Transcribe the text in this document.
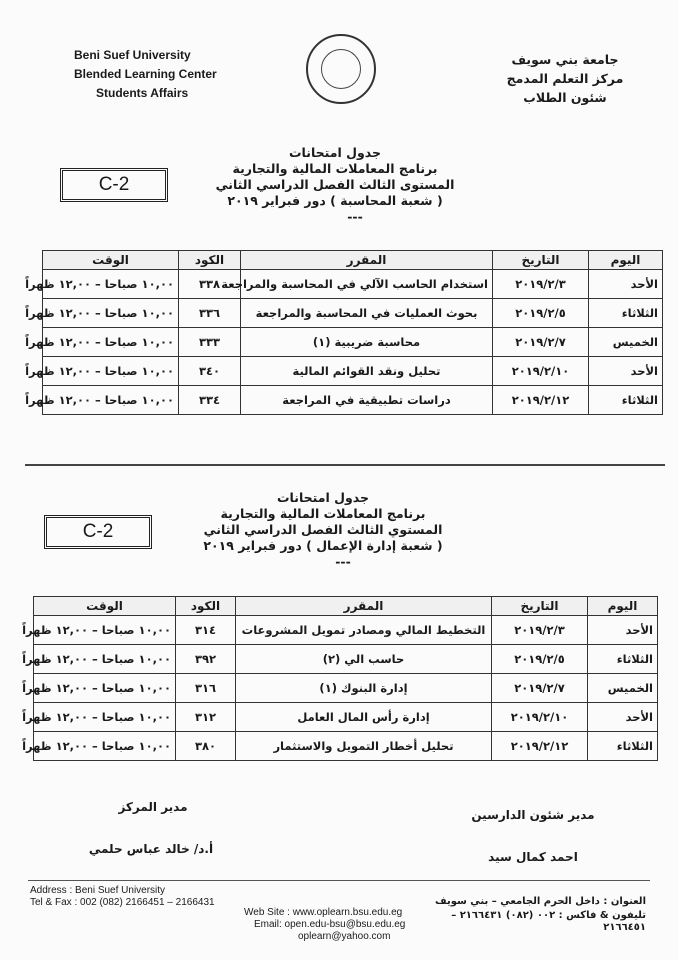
Beni Suef University
Blended Learning Center
Students Affairs
جامعة بني سويف
مركز التعلم المدمج
شئون الطلاب
جدول امتحانات
برنامج المعاملات المالية والتجارية
المستوى الثالث الفصل الدراسي الثاني
( شعبة المحاسبة ) دور فبراير ٢٠١٩
---
C-2
اليوم	التاريخ	المقرر	الكود	الوقت
الأحد	٢٠١٩/٢/٣	استخدام الحاسب الآلي في المحاسبة والمراجعة	٣٣٨	١٠,٠٠ صباحا – ١٢,٠٠ ظهراً
الثلاثاء	٢٠١٩/٢/٥	بحوث العمليات في المحاسبة والمراجعة	٣٣٦	١٠,٠٠ صباحا – ١٢,٠٠ ظهراً
الخميس	٢٠١٩/٢/٧	محاسبة ضريبية (١)	٣٣٣	١٠,٠٠ صباحا – ١٢,٠٠ ظهراً
الأحد	٢٠١٩/٢/١٠	تحليل ونقد القوائم المالية	٣٤٠	١٠,٠٠ صباحا – ١٢,٠٠ ظهراً
الثلاثاء	٢٠١٩/٢/١٢	دراسات تطبيقية في المراجعة	٣٣٤	١٠,٠٠ صباحا – ١٢,٠٠ ظهراً
جدول امتحانات
برنامج المعاملات المالية والتجارية
المستوي الثالث الفصل الدراسي الثاني
( شعبة إدارة الإعمال ) دور فبراير ٢٠١٩
---
C-2
اليوم	التاريخ	المقرر	الكود	الوقت
الأحد	٢٠١٩/٢/٣	التخطيط المالي ومصادر تمويل المشروعات	٣١٤	١٠,٠٠ صباحا – ١٢,٠٠ ظهراً
الثلاثاء	٢٠١٩/٢/٥	حاسب الي (٢)	٣٩٢	١٠,٠٠ صباحا – ١٢,٠٠ ظهراً
الخميس	٢٠١٩/٢/٧	إدارة البنوك (١)	٣١٦	١٠,٠٠ صباحا – ١٢,٠٠ ظهراً
الأحد	٢٠١٩/٢/١٠	إدارة رأس المال العامل	٣١٢	١٠,٠٠ صباحا – ١٢,٠٠ ظهراً
الثلاثاء	٢٠١٩/٢/١٢	تحليل أخطار التمويل والاستثمار	٣٨٠	١٠,٠٠ صباحا – ١٢,٠٠ ظهراً
مدير المركز
أ.د/ خالد عباس حلمي
مدير شئون الدارسين
احمد كمال سيد
Address : Beni Suef University
Tel & Fax : 002 (082) 2166451 – 2166431
Web Site : www.oplearn.bsu.edu.eg
Email: open.edu-bsu@bsu.edu.eg
oplearn@yahoo.com
العنوان : داخل الحرم الجامعي – بني سويف
تليفون & فاكس : ٠٠٢ (٠٨٢) ٢١٦٦٤٣١ – ٢١٦٦٤٥١
